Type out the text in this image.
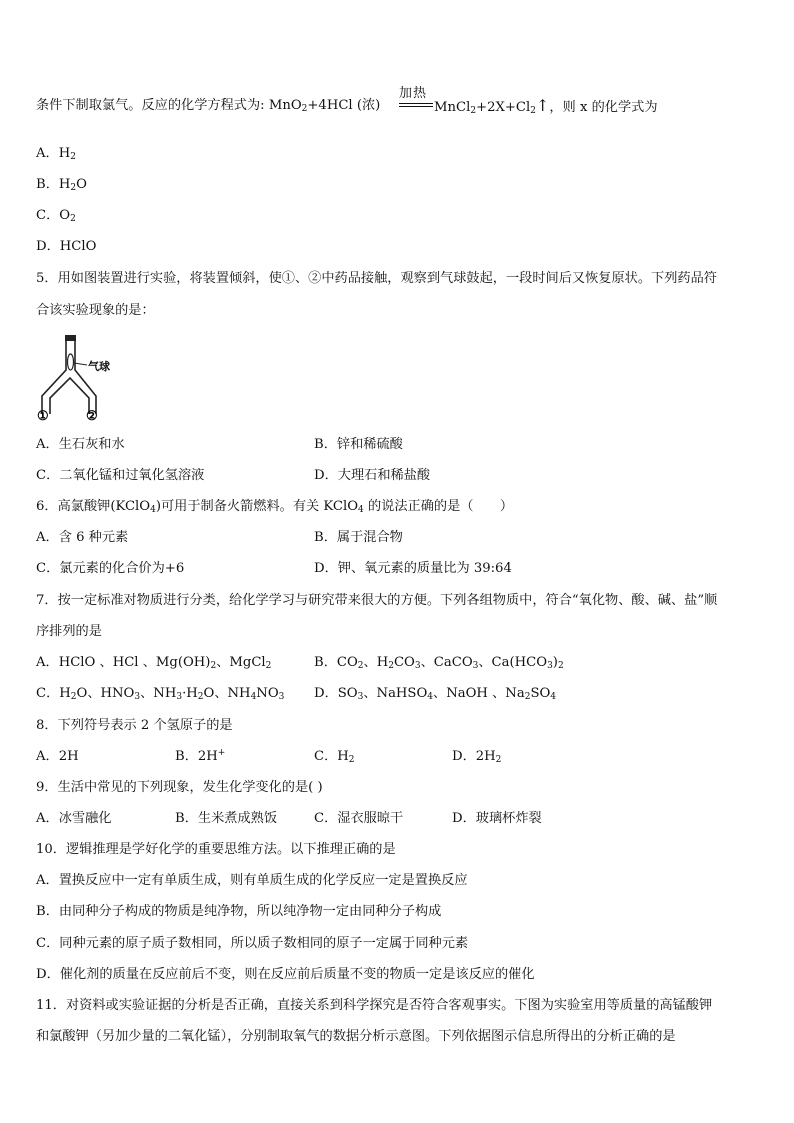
加热
条件下制取氯气。反应的化学方程式为: MnO$_2$+4HCl (浓)	$MnCl_2+2X+Cl_2↑$，则 x 的化学式为
A．$H_2$
B．$H_2O$
C．$O_2$
D．HClO
5．用如图装置进行实验，将装置倾斜，使①、②中药品接触，观察到气球鼓起，一段时间后又恢复原状。下列药品符
合该实验现象的是：
气球
①	②
A．生石灰和水	B．锌和稀硫酸
C．二氧化锰和过氧化氢溶液	D．大理石和稀盐酸
6．高氯酸钾(KClO$_4$)可用于制备火箭燃料。有关 KClO$_4$ 的说法正确的是（　　）
A．含 6 种元素	B．属于混合物
C．氯元素的化合价为+6	D．钾、氧元素的质量比为 39:64
7．按一定标准对物质进行分类，给化学学习与研究带来很大的方便。下列各组物质中，符合“氧化物、酸、碱、盐”顺
序排列的是
A．HClO 、HCl 、$Mg(OH)_2$、MgCl$_2$	B．$CO_2$、$H_2CO_3$、CaCO$_3$、$Ca(HCO_3)_2$
C．$H_2O$、$HNO_3$、$NH_3\cdot H_2O$、$NH_4NO_3$ D．$SO_3$、NaHSO$_4$、NaOH 、$Na_2SO_4$
8．下列符号表示 2 个氢原子的是
A．2H	B．2H+	C．$H_2$	D．$2H_2$
9．生活中常见的下列现象，发生化学变化的是( )
A．冰雪融化	B．生米煮成熟饭	C．湿衣服晾干	D．玻璃杯炸裂
10．逻辑推理是学好化学的重要思维方法。以下推理正确的是
A．置换反应中一定有单质生成，则有单质生成的化学反应一定是置换反应
B．由同种分子构成的物质是纯净物，所以纯净物一定由同种分子构成
C．同种元素的原子质子数相同，所以质子数相同的原子一定属于同种元素
D．催化剂的质量在反应前后不变，则在反应前后质量不变的物质一定是该反应的催化
11．对资料或实验证据的分析是否正确，直接关系到科学探究是否符合客观事实。下图为实验室用等质量的高锰酸钾
和氯酸钾（另加少量的二氧化锰），分别制取氧气的数据分析示意图。下列依据图示信息所得出的分析正确的是
